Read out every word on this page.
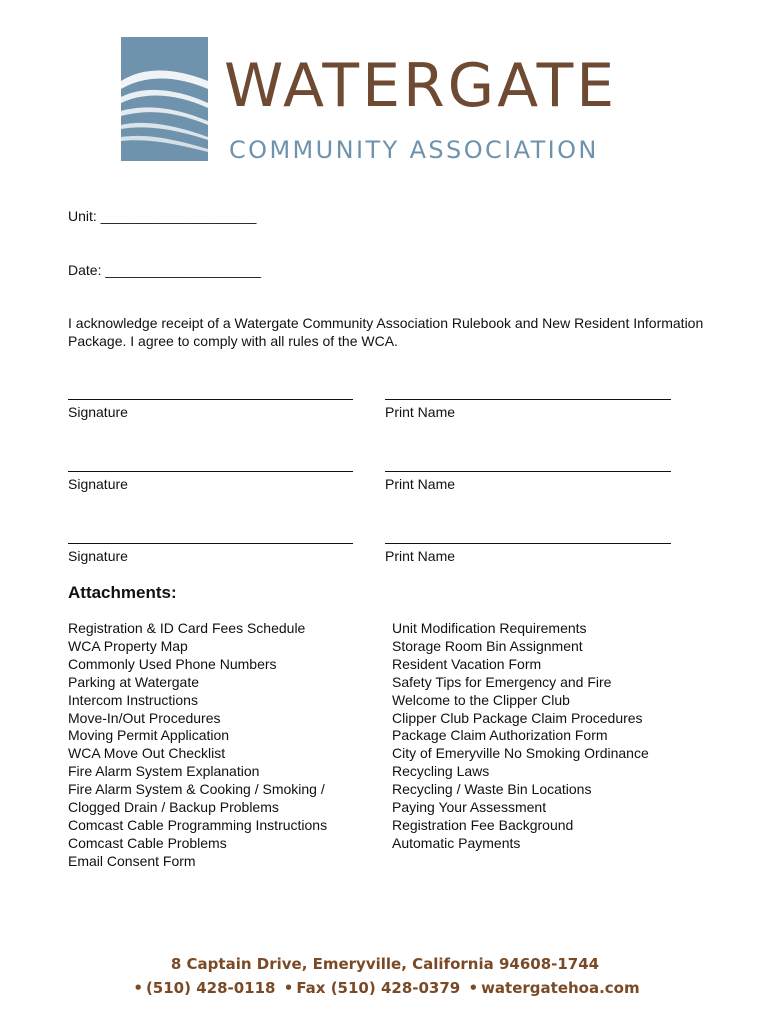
WATERGATE
COMMUNITY ASSOCIATION
Unit: ____________________
Date: ____________________

I acknowledge receipt of a Watergate Community Association Rulebook and New Resident Information Package. I agree to comply with all rules of the WCA.

Signature	Print Name
Signature	Print Name
Signature	Print Name
Attachments:
Registration & ID Card Fees Schedule
WCA Property Map
Commonly Used Phone Numbers
Parking at Watergate
Intercom Instructions
Move-In/Out Procedures
Moving Permit Application
WCA Move Out Checklist
Fire Alarm System Explanation
Fire Alarm System & Cooking / Smoking /
Clogged Drain / Backup Problems
Comcast Cable Programming Instructions
Comcast Cable Problems
Email Consent Form
Unit Modification Requirements
Storage Room Bin Assignment
Resident Vacation Form
Safety Tips for Emergency and Fire
Welcome to the Clipper Club
Clipper Club Package Claim Procedures
Package Claim Authorization Form
City of Emeryville No Smoking Ordinance
Recycling Laws
Recycling / Waste Bin Locations
Paying Your Assessment
Registration Fee Background
Automatic Payments
8 Captain Drive, Emeryville, California 94608-1744
• (510) 428-0118 • Fax (510) 428-0379 • watergatehoa.com
